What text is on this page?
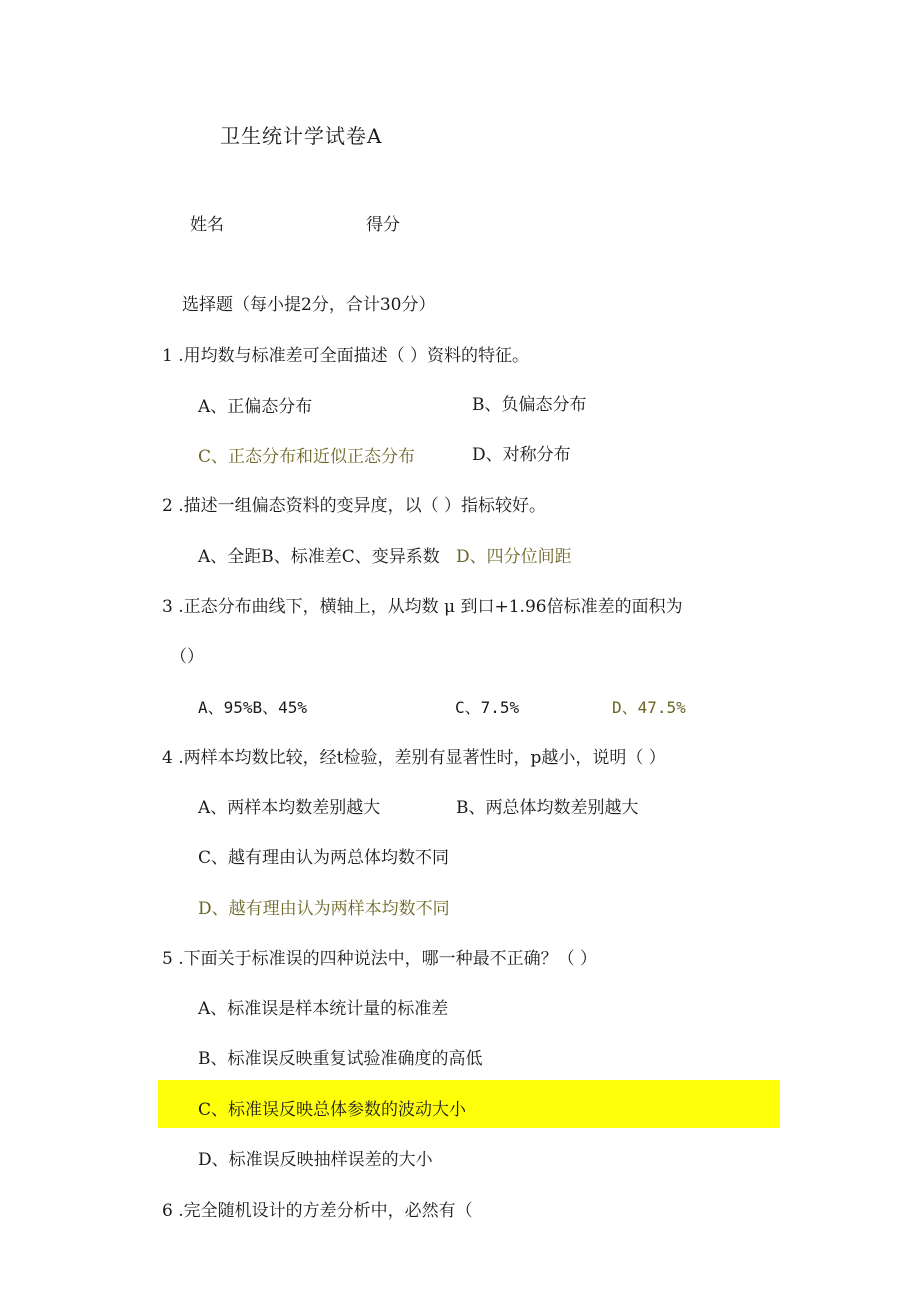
卫生统计学试卷A
姓名	得分
选择题（每小提2分，合计30分）
1 .用均数与标准差可全面描述（ ）资料的特征。
A、正偏态分布	B、负偏态分布
C、正态分布和近似正态分布	D、对称分布
2 .描述一组偏态资料的变异度，以（ ）指标较好。
A、全距B、标准差C、变异系数 D、四分位间距
3 .正态分布曲线下，横轴上，从均数 μ 到口+1.96倍标准差的面积为
（）
A、95%B、45%	C、7.5%	D、47.5%
4 .两样本均数比较，经t检验，差别有显著性时，p越小，说明（ ）
A、两样本均数差别越大	B、两总体均数差别越大
C、越有理由认为两总体均数不同
D、越有理由认为两样本均数不同
5 .下面关于标准误的四种说法中，哪一种最不正确？（ ）
A、标准误是样本统计量的标准差
B、标准误反映重复试验准确度的高低
C、标准误反映总体参数的波动大小
D、标准误反映抽样误差的大小
6 .完全随机设计的方差分析中，必然有（
